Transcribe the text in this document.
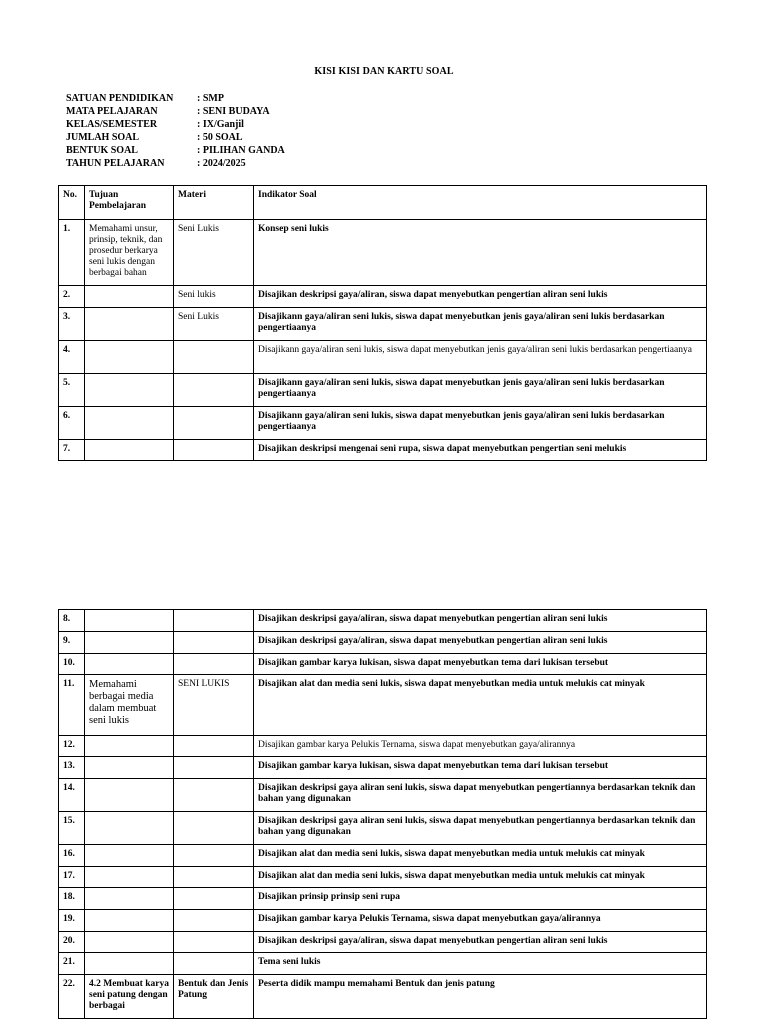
KISI KISI DAN KARTU SOAL
SATUAN PENDIDIKAN	: SMP
MATA PELAJARAN	: SENI BUDAYA
KELAS/SEMESTER	: IX/Ganjil
JUMLAH SOAL	: 50 SOAL
BENTUK SOAL	: PILIHAN GANDA
TAHUN PELAJARAN	: 2024/2025
No.	Tujuan Pembelajaran	Materi	Indikator Soal
1.	Memahami unsur, prinsip, teknik, dan prosedur berkarya seni lukis dengan berbagai bahan	Seni Lukis	Konsep seni lukis
2.		Seni lukis	Disajikan deskripsi gaya/aliran, siswa dapat menyebutkan pengertian aliran seni lukis
3.		Seni Lukis	Disajikann gaya/aliran seni lukis, siswa dapat menyebutkan jenis gaya/aliran seni lukis berdasarkan pengertiaanya
4.			Disajikann gaya/aliran seni lukis, siswa dapat menyebutkan jenis gaya/aliran seni lukis berdasarkan pengertiaanya
5.			Disajikann gaya/aliran seni lukis, siswa dapat menyebutkan jenis gaya/aliran seni lukis berdasarkan pengertiaanya
6.			Disajikann gaya/aliran seni lukis, siswa dapat menyebutkan jenis gaya/aliran seni lukis berdasarkan pengertiaanya
7.			Disajikan deskripsi mengenai seni rupa, siswa dapat menyebutkan pengertian seni melukis
8.			Disajikan deskripsi gaya/aliran, siswa dapat menyebutkan pengertian aliran seni lukis
9.			Disajikan deskripsi gaya/aliran, siswa dapat menyebutkan pengertian aliran seni lukis
10.			Disajikan gambar karya lukisan, siswa dapat menyebutkan tema dari lukisan tersebut
11.	Memahami berbagai media dalam membuat seni lukis	SENI LUKIS	Disajikan alat dan media seni lukis, siswa dapat menyebutkan media untuk melukis cat minyak
12.			Disajikan gambar karya Pelukis Ternama, siswa dapat menyebutkan gaya/alirannya
13.			Disajikan gambar karya lukisan, siswa dapat menyebutkan tema dari lukisan tersebut
14.			Disajikan deskripsi gaya aliran seni lukis, siswa dapat menyebutkan pengertiannya berdasarkan teknik dan bahan yang digunakan
15.			Disajikan deskripsi gaya aliran seni lukis, siswa dapat menyebutkan pengertiannya berdasarkan teknik dan bahan yang digunakan
16.			Disajikan alat dan media seni lukis, siswa dapat menyebutkan media untuk melukis cat minyak
17.			Disajikan alat dan media seni lukis, siswa dapat menyebutkan media untuk melukis cat minyak
18.			Disajikan prinsip prinsip seni rupa
19.			Disajikan gambar karya Pelukis Ternama, siswa dapat menyebutkan gaya/alirannya
20.			Disajikan deskripsi gaya/aliran, siswa dapat menyebutkan pengertian aliran seni lukis
21.			Tema seni lukis
22.	4.2 Membuat karya seni patung dengan berbagai	Bentuk dan Jenis Patung	Peserta didik mampu memahami Bentuk dan jenis patung
